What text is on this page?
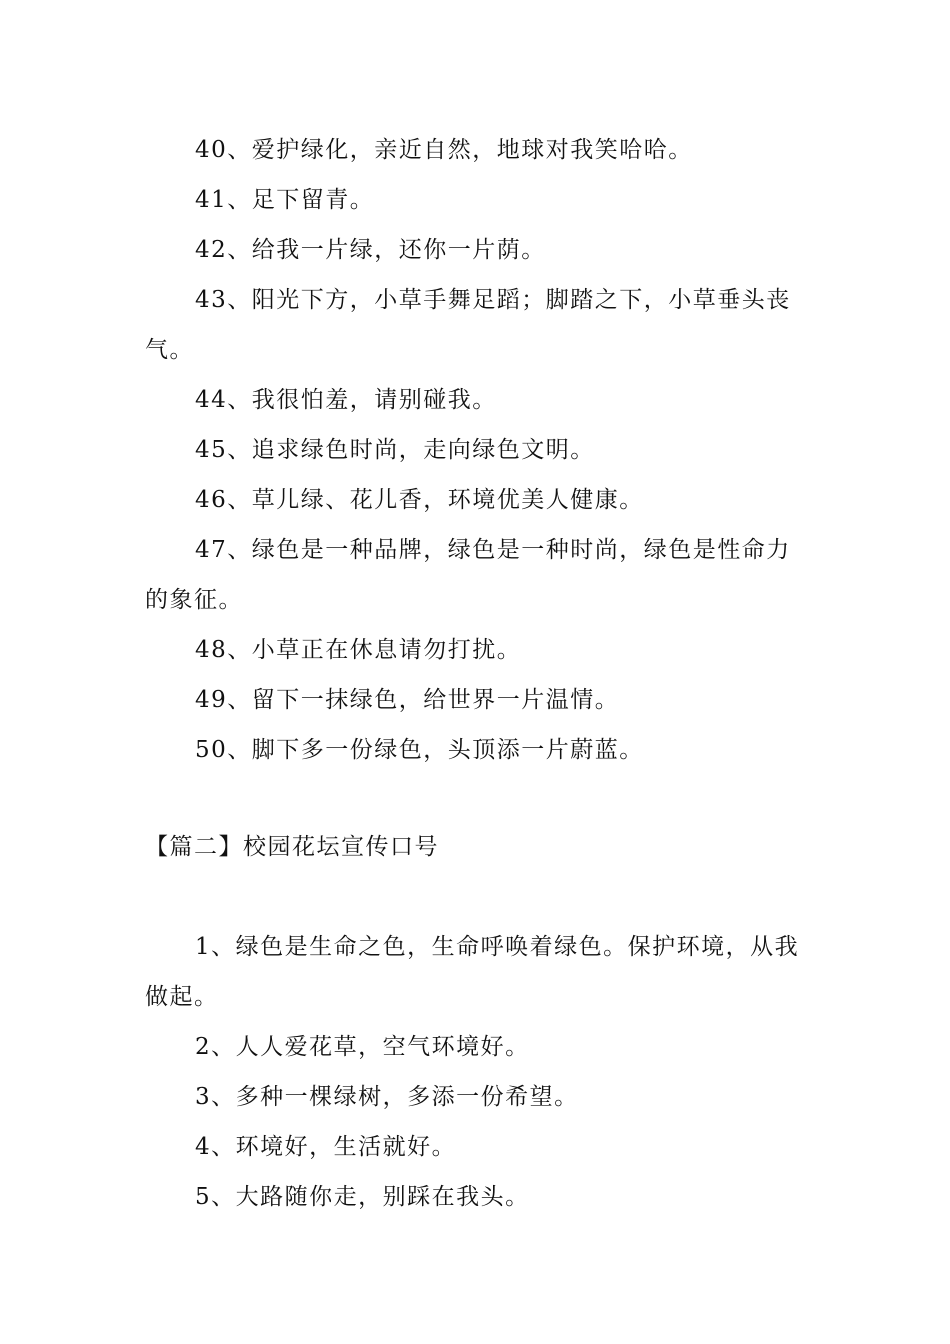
40、爱护绿化，亲近自然，地球对我笑哈哈。
41、足下留青。
42、给我一片绿，还你一片荫。
43、阳光下方，小草手舞足蹈；脚踏之下，小草垂头丧气。
44、我很怕羞，请别碰我。
45、追求绿色时尚，走向绿色文明。
46、草儿绿、花儿香，环境优美人健康。
47、绿色是一种品牌，绿色是一种时尚，绿色是性命力的象征。
48、小草正在休息请勿打扰。
49、留下一抹绿色，给世界一片温情。
50、脚下多一份绿色，头顶添一片蔚蓝。
【篇二】校园花坛宣传口号
1、绿色是生命之色，生命呼唤着绿色。保护环境，从我做起。
2、人人爱花草，空气环境好。
3、多种一棵绿树，多添一份希望。
4、环境好，生活就好。
5、大路随你走，别踩在我头。
